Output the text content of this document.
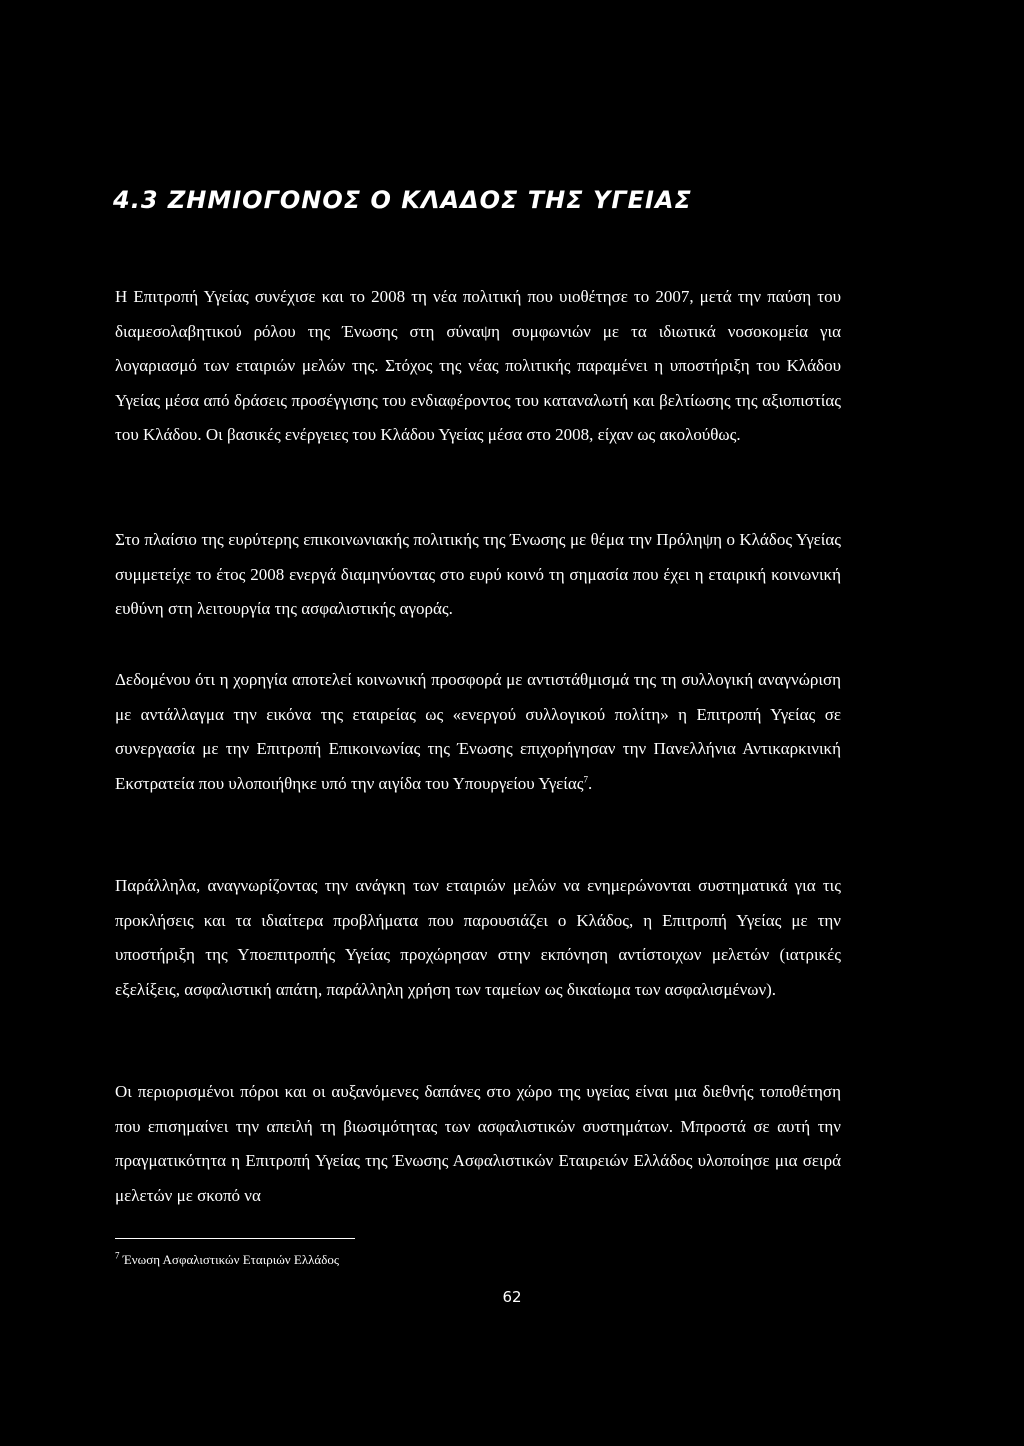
4.3 ΖΗΜΙΟΓΟΝΟΣ Ο ΚΛΑΔΟΣ ΤΗΣ ΥΓΕΙΑΣ

Η Επιτροπή Υγείας συνέχισε και το 2008 τη νέα πολιτική που υιοθέτησε το 2007, μετά την παύση του διαμεσολαβητικού ρόλου της Ένωσης στη σύναψη συμφωνιών με τα ιδιωτικά νοσοκομεία για λογαριασμό των εταιριών μελών της. Στόχος της νέας πολιτικής παραμένει η υποστήριξη του Κλάδου Υγείας μέσα από δράσεις προσέγγισης του ενδιαφέροντος του καταναλωτή και βελτίωσης της αξιοπιστίας του Κλάδου. Οι βασικές ενέργειες του Κλάδου Υγείας μέσα στο 2008, είχαν ως ακολούθως.

Στο πλαίσιο της ευρύτερης επικοινωνιακής πολιτικής της Ένωσης με θέμα την Πρόληψη ο Κλάδος Υγείας συμμετείχε το έτος 2008 ενεργά διαμηνύοντας στο ευρύ κοινό τη σημασία που έχει η εταιρική κοινωνική ευθύνη στη λειτουργία της ασφαλιστικής αγοράς.

Δεδομένου ότι η χορηγία αποτελεί κοινωνική προσφορά με αντιστάθμισμά της τη συλλογική αναγνώριση με αντάλλαγμα την εικόνα της εταιρείας ως «ενεργού συλλογικού πολίτη» η Επιτροπή Υγείας σε συνεργασία με την Επιτροπή Επικοινωνίας της Ένωσης επιχορήγησαν την Πανελλήνια Αντικαρκινική Εκστρατεία που υλοποιήθηκε υπό την αιγίδα του Υπουργείου Υγείας$^7$.

Παράλληλα, αναγνωρίζοντας την ανάγκη των εταιριών μελών να ενημερώνονται συστηματικά για τις προκλήσεις και τα ιδιαίτερα προβλήματα που παρουσιάζει ο Κλάδος, η Επιτροπή Υγείας με την υποστήριξη της Υποεπιτροπής Υγείας προχώρησαν στην εκπόνηση αντίστοιχων μελετών (ιατρικές εξελίξεις, ασφαλιστική απάτη, παράλληλη χρήση των ταμείων ως δικαίωμα των ασφαλισμένων).

Οι περιορισμένοι πόροι και οι αυξανόμενες δαπάνες στο χώρο της υγείας είναι μια διεθνής τοποθέτηση που επισημαίνει την απειλή τη βιωσιμότητας των ασφαλιστικών συστημάτων. Μπροστά σε αυτή την πραγματικότητα η Επιτροπή Υγείας της Ένωσης Ασφαλιστικών Εταιρειών Ελλάδος υλοποίησε μια σειρά μελετών με σκοπό να

$^7$ Ένωση Ασφαλιστικών Εταιριών Ελλάδος

62
